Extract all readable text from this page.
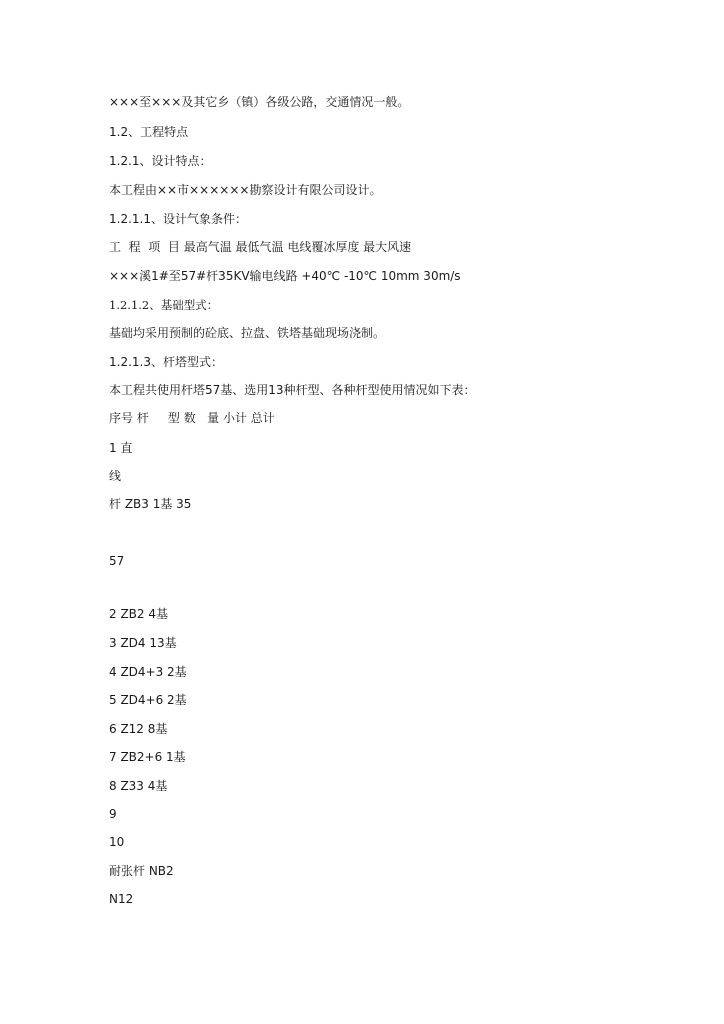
×××至×××及其它乡（镇）各级公路，交通情况一般。
1.2、工程特点
1.2.1、设计特点：
本工程由××市××××××勘察设计有限公司设计。
1.2.1.1、设计气象条件：
工  程  项  目 最高气温 最低气温 电线覆冰厚度 最大风速
×××溪1#至57#杆35KV输电线路 +40℃ -10℃ 10mm 30m/s
1.2.1.2、基础型式：
基础均采用预制的砼底、拉盘、铁塔基础现场浇制。
1.2.1.3、杆塔型式：
本工程共使用杆塔57基、选用13种杆型、各种杆型使用情况如下表：
序号 杆     型 数   量 小计 总计
1 直
线
杆 ZB3 1基 35
57
2 ZB2 4基
3 ZD4 13基
4 ZD4+3 2基
5 ZD4+6 2基
6 Z12 8基
7 ZB2+6 1基
8 Z33 4基
9
10
耐张杆 NB2
N12
